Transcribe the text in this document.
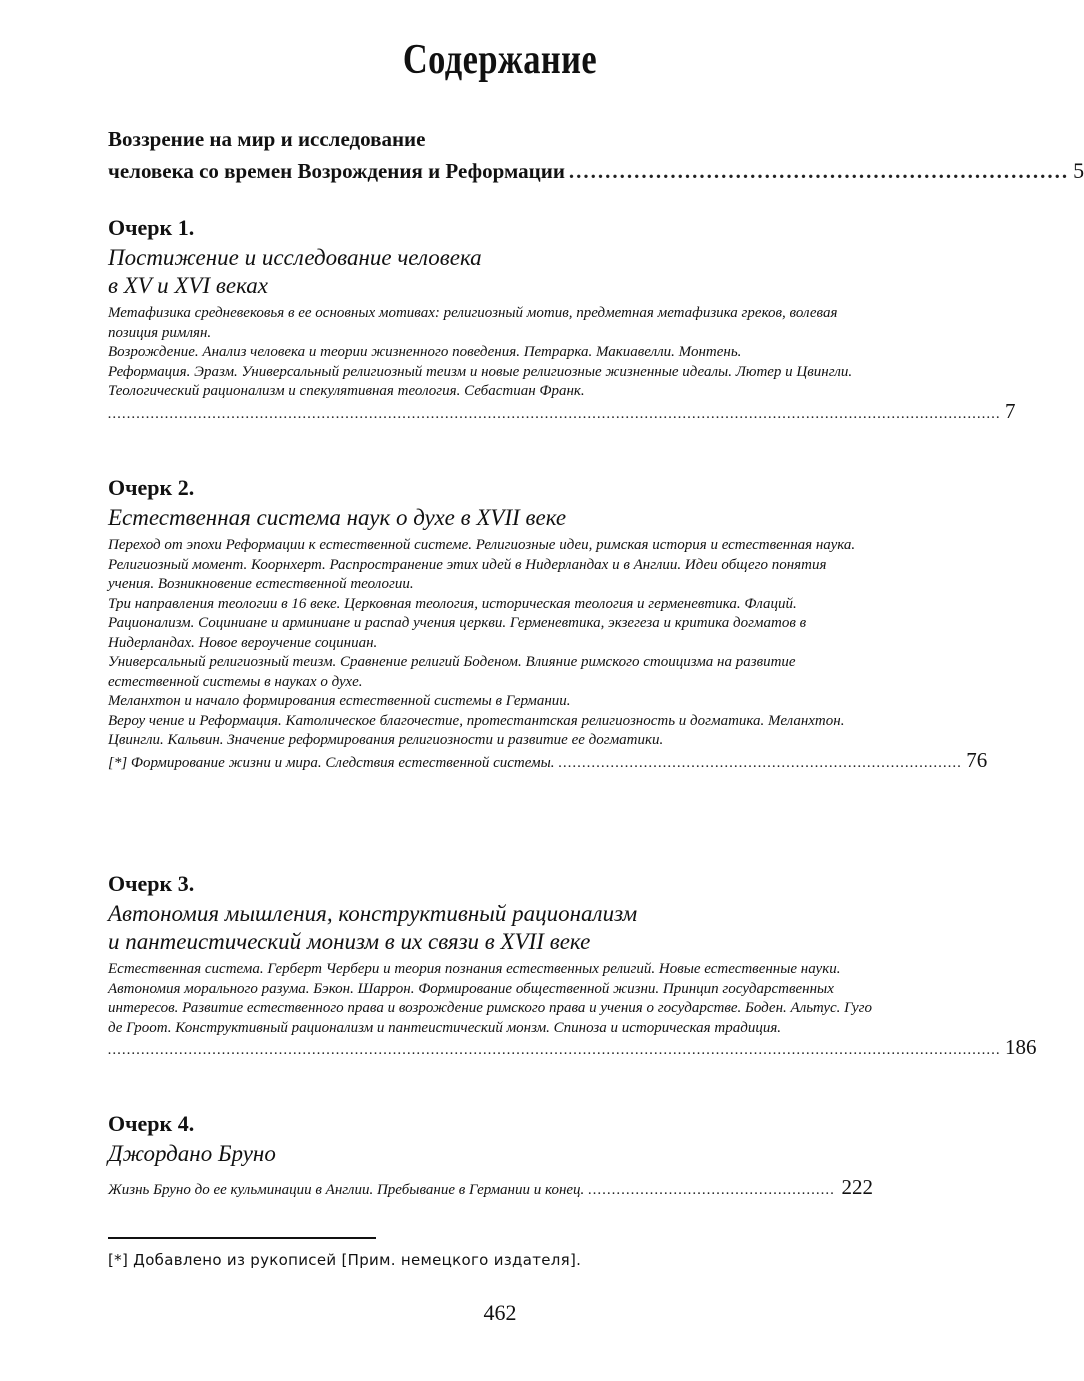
Содержание
Воззрение на мир и исследование
человека со времен Возрождения и Реформации ..................................................................... 5
Очерк 1.
Постижение и исследование человека
в XV и XVI веках
Метафизика средневековья в ее основных мотивах: религиозный мотив, предметная метафизика греков, волевая позиция римлян.
Возрождение. Анализ человека и теории жизненного поведения. Петрарка. Макиавелли. Монтень.
Реформация. Эразм. Универсальный религиозный теизм и новые религиозные жизненные идеалы. Лютер и Цвингли. Теологический рационализм и спекулятивная теология. Себастиан Франк.
............................................................................................................................................................................................ 7
Очерк 2.
Естественная система наук о духе в XVII веке
Переход от эпохи Реформации к естественной системе. Религиозные идеи, римская история и естественная наука.
Религиозный момент. Коорнхерт. Распространение этих идей в Нидерландах и в Англии. Идеи общего понятия учения. Возникновение естественной теологии.
Три направления теологии в 16 веке. Церковная теология, историческая теология и герменевтика. Флаций.
Рационализм. Социниане и арминиане и распад учения церкви. Герменевтика, экзегеза и критика догматов в Нидерландах. Новое вероучение социниан.
Универсальный религиозный теизм. Сравнение религий Боденом. Влияние римского стоицизма на развитие естественной системы в науках о духе.
Меланхтон и начало формирования естественной системы в Германии.
Вероу чение и Реформация. Католическое благочестие, протестантская религиозность и догматика. Меланхтон. Цвингли. Кальвин. Значение реформирования религиозности и развитие ее догматики.
[*] Формирование жизни и мира. Следствия естественной системы. ..................................................................................... 76
Очерк 3.
Автономия мышления, конструктивный рационализм
и пантеистический монизм в их связи в XVII веке
Естественная система. Герберт Чербери и теория познания естественных религий. Новые естественные науки. Автономия морального разума. Бэкон. Шаррон. Формирование общественной жизни. Принцип государственных интересов. Развитие естественного права и возрождение римского права и учения о государстве. Боден. Альтус. Гуго де Гроот. Конструктивный рационализм и пантеистический монзм. Спиноза и историческая традиция.
............................................................................................................................................................................................ 186
Очерк 4.
Джордано Бруно
Жизнь Бруно до ее кульминации в Англии. Пребывание в Германии и конец. .................................................... 222
[*] Добавлено из рукописей [Прим. немецкого издателя].
462
